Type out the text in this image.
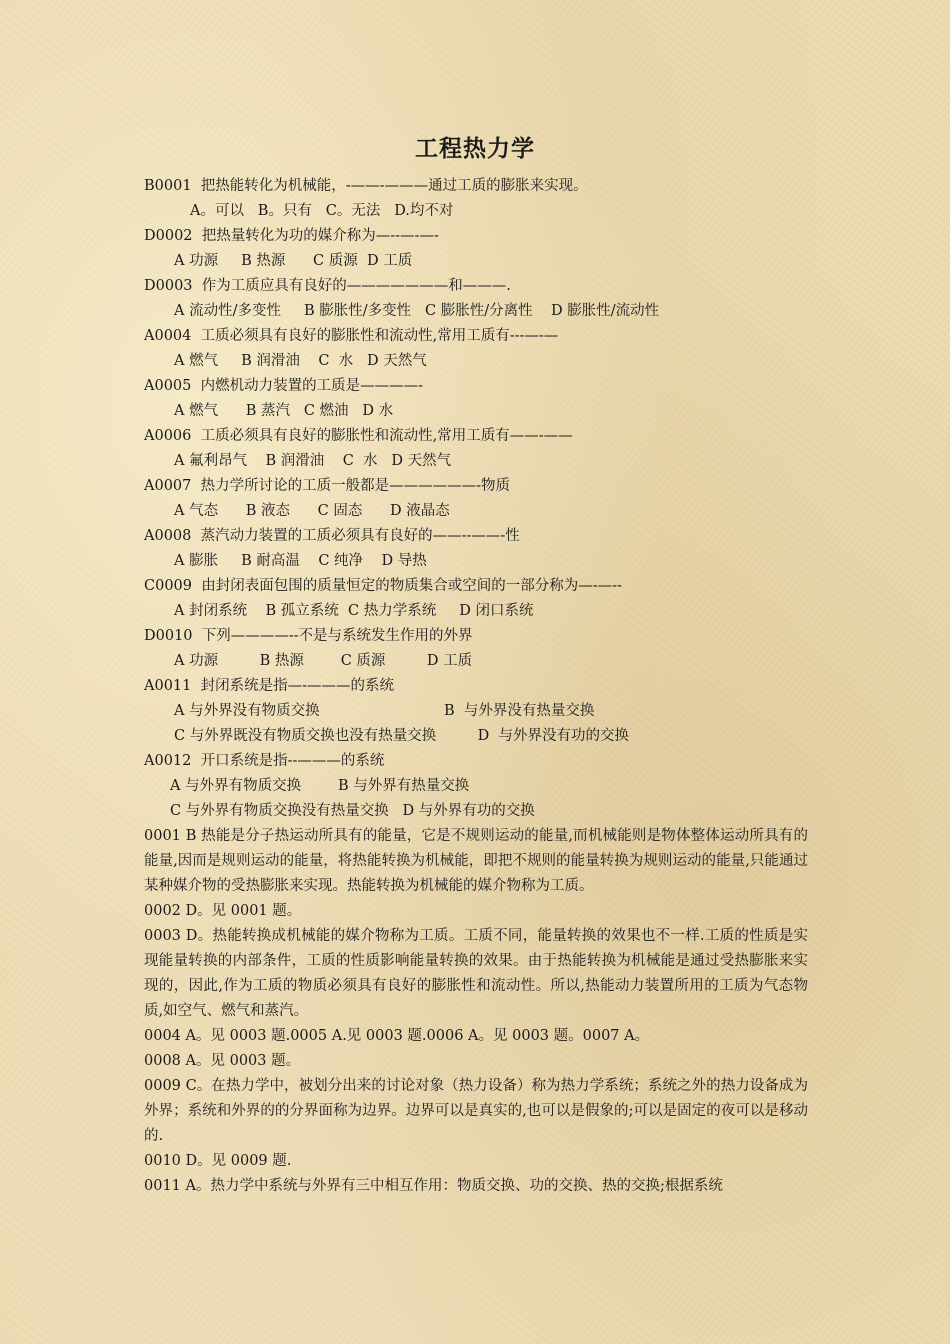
工程热力学
B0001  把热能转化为机械能，-——-———通过工质的膨胀来实现。
A。可以   B。只有   C。无法   D.均不对
D0002  把热量转化为功的媒介称为—--—-—-
A 功源     B 热源      C 质源  D 工质
D0003  作为工质应具有良好的———————和———.
A 流动性/多变性     B 膨胀性/多变性   C 膨胀性/分离性    D 膨胀性/流动性
A0004  工质必须具有良好的膨胀性和流动性,常用工质有---—-—
A 燃气     B 润滑油    C  水   D 天然气
A0005  内燃机动力装置的工质是————-
A 燃气      B 蒸汽   C 燃油   D 水
A0006  工质必须具有良好的膨胀性和流动性,常用工质有——-——
A 氟利昂气    B 润滑油    C  水   D 天然气
A0007  热力学所讨论的工质一般都是——————-物质
A 气态      B 液态      C 固态      D 液晶态
A0008  蒸汽动力装置的工质必须具有良好的——--——-性
A 膨胀     B 耐高温    C 纯净    D 导热
C0009  由封闭表面包围的质量恒定的物质集合或空间的一部分称为—-—--
A 封闭系统    B 孤立系统  C 热力学系统     D 闭口系统
D0010  下列————--不是与系统发生作用的外界
A 功源         B 热源        C 质源         D 工质
A0011  封闭系统是指—-———的系统
A 与外界没有物质交换                           B  与外界没有热量交换
C 与外界既没有物质交换也没有热量交换         D  与外界没有功的交换
A0012  开口系统是指--———的系统
A 与外界有物质交换        B 与外界有热量交换
C 与外界有物质交换没有热量交换   D 与外界有功的交换
0001 B 热能是分子热运动所具有的能量，它是不规则运动的能量,而机械能则是物体整体运动所具有的能量,因而是规则运动的能量，将热能转换为机械能，即把不规则的能量转换为规则运动的能量,只能通过某种媒介物的受热膨胀来实现。热能转换为机械能的媒介物称为工质。
0002 D。见 0001 题。
0003 D。热能转换成机械能的媒介物称为工质。工质不同，能量转换的效果也不一样.工质的性质是实现能量转换的内部条件，工质的性质影响能量转换的效果。由于热能转换为机械能是通过受热膨胀来实现的，因此,作为工质的物质必须具有良好的膨胀性和流动性。所以,热能动力装置所用的工质为气态物质,如空气、燃气和蒸汽。
0004 A。见 0003 题.0005 A.见 0003 题.0006 A。见 0003 题。0007 A。
0008 A。见 0003 题。
0009 C。在热力学中，被划分出来的讨论对象（热力设备）称为热力学系统；系统之外的热力设备成为外界；系统和外界的的分界面称为边界。边界可以是真实的,也可以是假象的;可以是固定的夜可以是移动的.
0010 D。见 0009 题.
0011 A。热力学中系统与外界有三中相互作用：物质交换、功的交换、热的交换;根据系统
